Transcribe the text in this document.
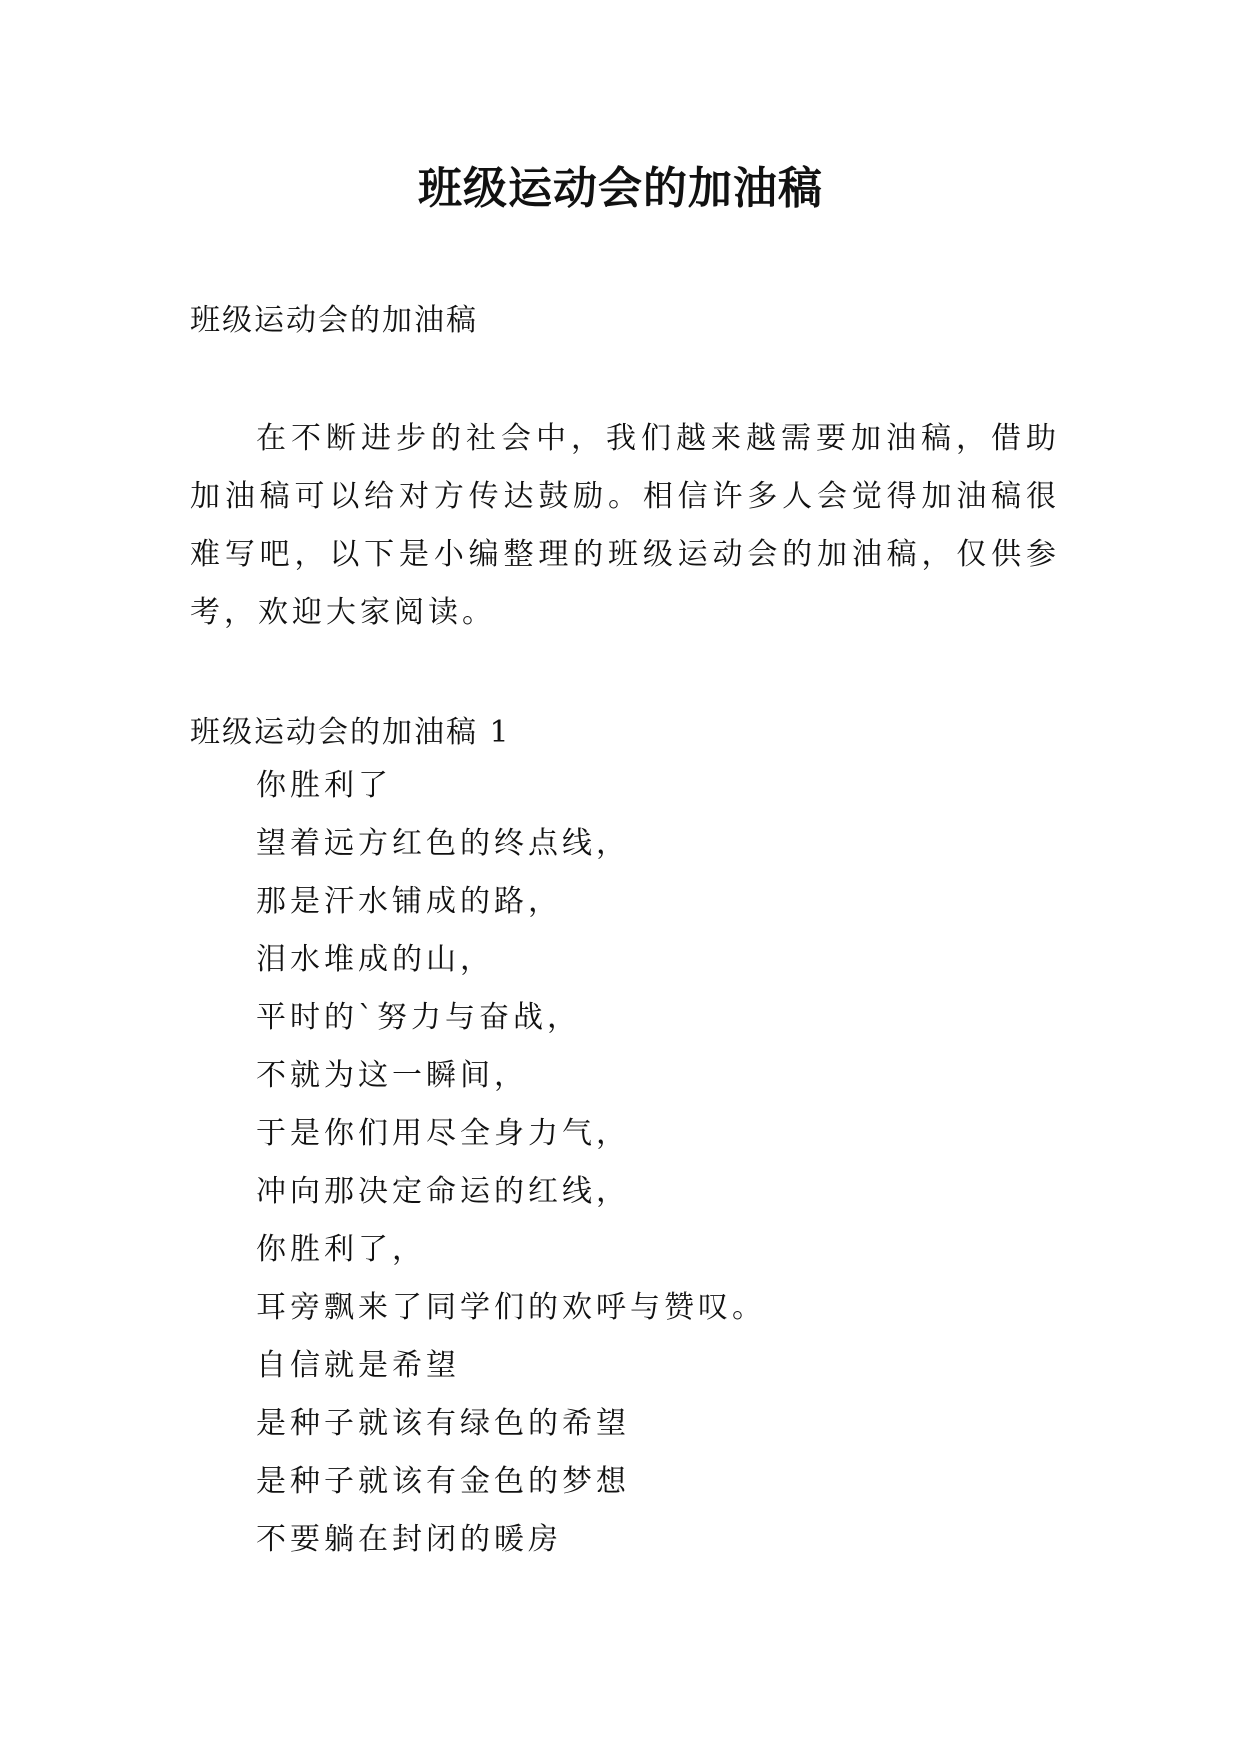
班级运动会的加油稿

班级运动会的加油稿

在不断进步的社会中，我们越来越需要加油稿，借助加油稿可以给对方传达鼓励。相信许多人会觉得加油稿很难写吧，以下是小编整理的班级运动会的加油稿，仅供参考，欢迎大家阅读。

班级运动会的加油稿 1

你胜利了
望着远方红色的终点线，
那是汗水铺成的路，
泪水堆成的山，
平时的`努力与奋战，
不就为这一瞬间，
于是你们用尽全身力气，
冲向那决定命运的红线，
你胜利了，
耳旁飘来了同学们的欢呼与赞叹。
自信就是希望
是种子就该有绿色的希望
是种子就该有金色的梦想
不要躺在封闭的暖房
